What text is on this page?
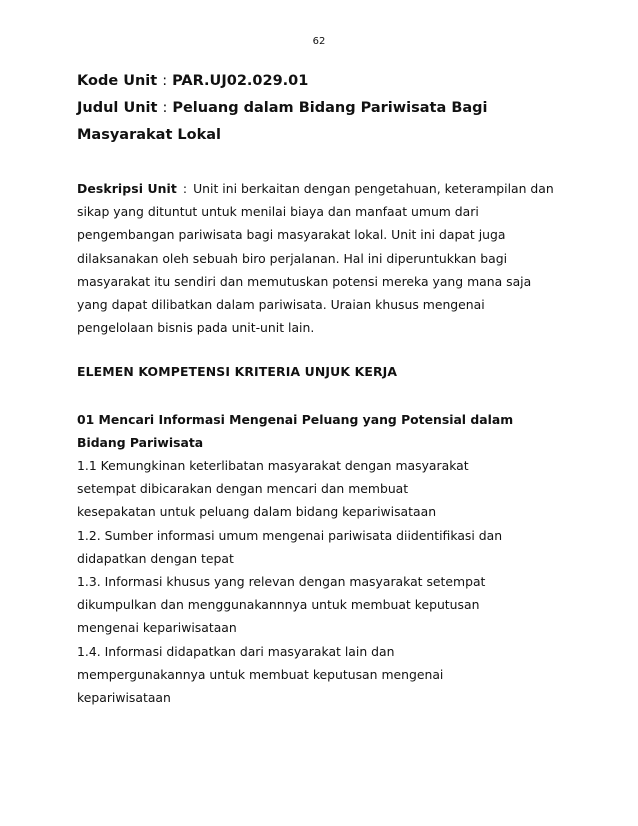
62

Kode Unit : PAR.UJ02.029.01

Judul Unit : Peluang dalam Bidang Pariwisata Bagi
Masyarakat Lokal

Deskripsi Unit : Unit ini berkaitan dengan pengetahuan, keterampilan dan
sikap yang dituntut untuk menilai biaya dan manfaat umum dari
pengembangan pariwisata bagi masyarakat lokal. Unit ini dapat juga
dilaksanakan oleh sebuah biro perjalanan. Hal ini diperuntukkan bagi
masyarakat itu sendiri dan memutuskan potensi mereka yang mana saja
yang dapat dilibatkan dalam pariwisata. Uraian khusus mengenai
pengelolaan bisnis pada unit-unit lain.

ELEMEN KOMPETENSI KRITERIA UNJUK KERJA

01 Mencari Informasi Mengenai Peluang yang Potensial dalam
Bidang Pariwisata

1.1 Kemungkinan keterlibatan masyarakat dengan masyarakat
setempat dibicarakan dengan mencari dan membuat
kesepakatan untuk peluang dalam bidang kepariwisataan
1.2. Sumber informasi umum mengenai pariwisata diidentifikasi dan
didapatkan dengan tepat
1.3. Informasi khusus yang relevan dengan masyarakat setempat
dikumpulkan dan menggunakannnya untuk membuat keputusan
mengenai kepariwisataan
1.4. Informasi didapatkan dari masyarakat lain dan
mempergunakannya untuk membuat keputusan mengenai
kepariwisataan
